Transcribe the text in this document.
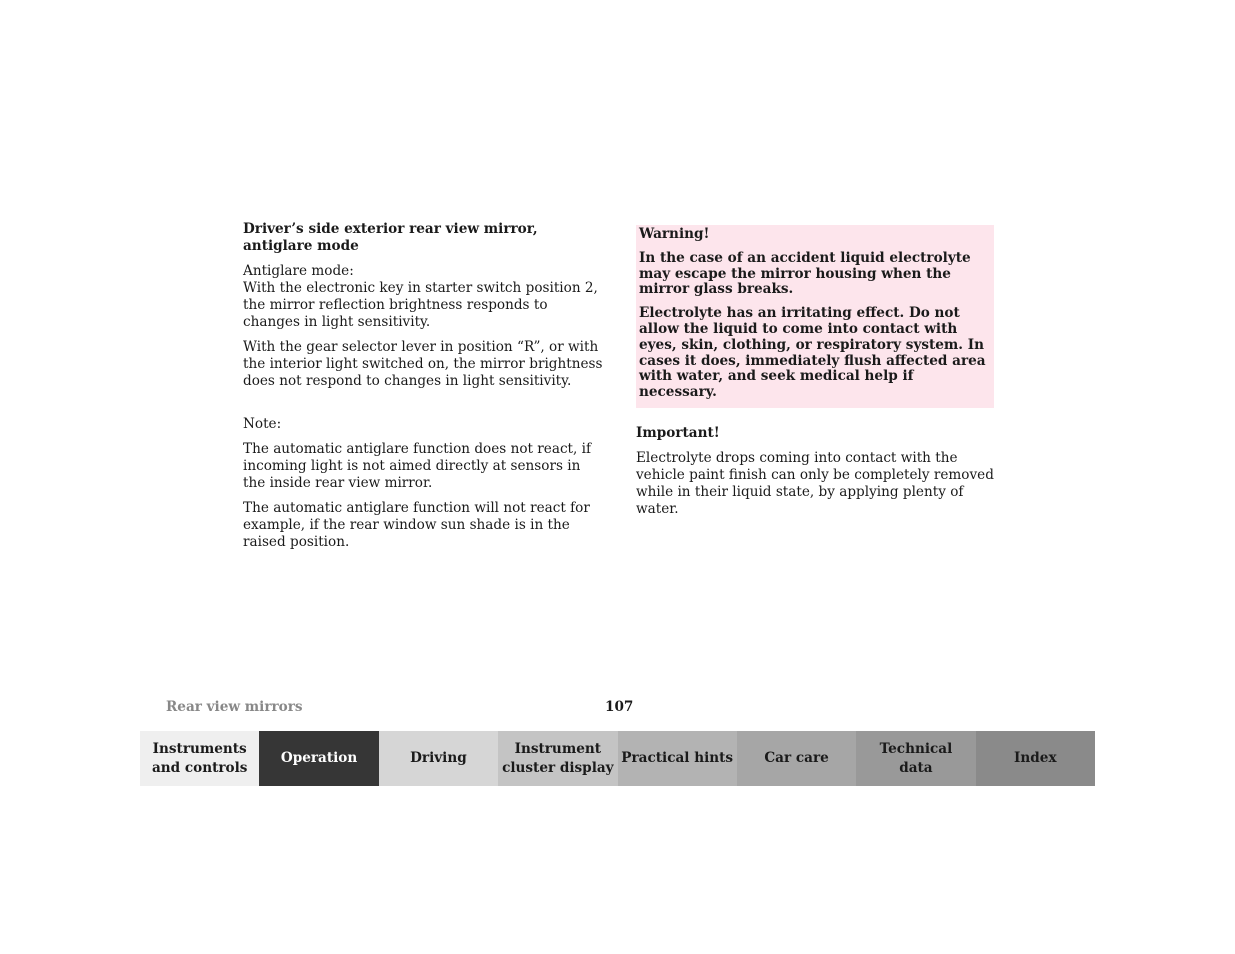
Driver’s side exterior rear view mirror, antiglare mode
Antiglare mode:

With the electronic key in starter switch position 2, the mirror reflection brightness responds to changes in light sensitivity.

With the gear selector lever in position “R”, or with the interior light switched on, the mirror brightness does not respond to changes in light sensitivity.

Note:

The automatic antiglare function does not react, if incoming light is not aimed directly at sensors in the inside rear view mirror.

The automatic antiglare function will not react for example, if the rear window sun shade is in the raised position.

Warning!

In the case of an accident liquid electrolyte may escape the mirror housing when the mirror glass breaks.

Electrolyte has an irritating effect. Do not allow the liquid to come into contact with eyes, skin, clothing, or respiratory system. In cases it does, immediately flush affected area with water, and seek medical help if necessary.

Important!

Electrolyte drops coming into contact with the vehicle paint finish can only be completely removed while in their liquid state, by applying plenty of water.

Rear view mirrors	107
Instruments
and controls
Operation	Driving
Instrument
cluster display
Practical hints	Car care
Technical
data
Index
